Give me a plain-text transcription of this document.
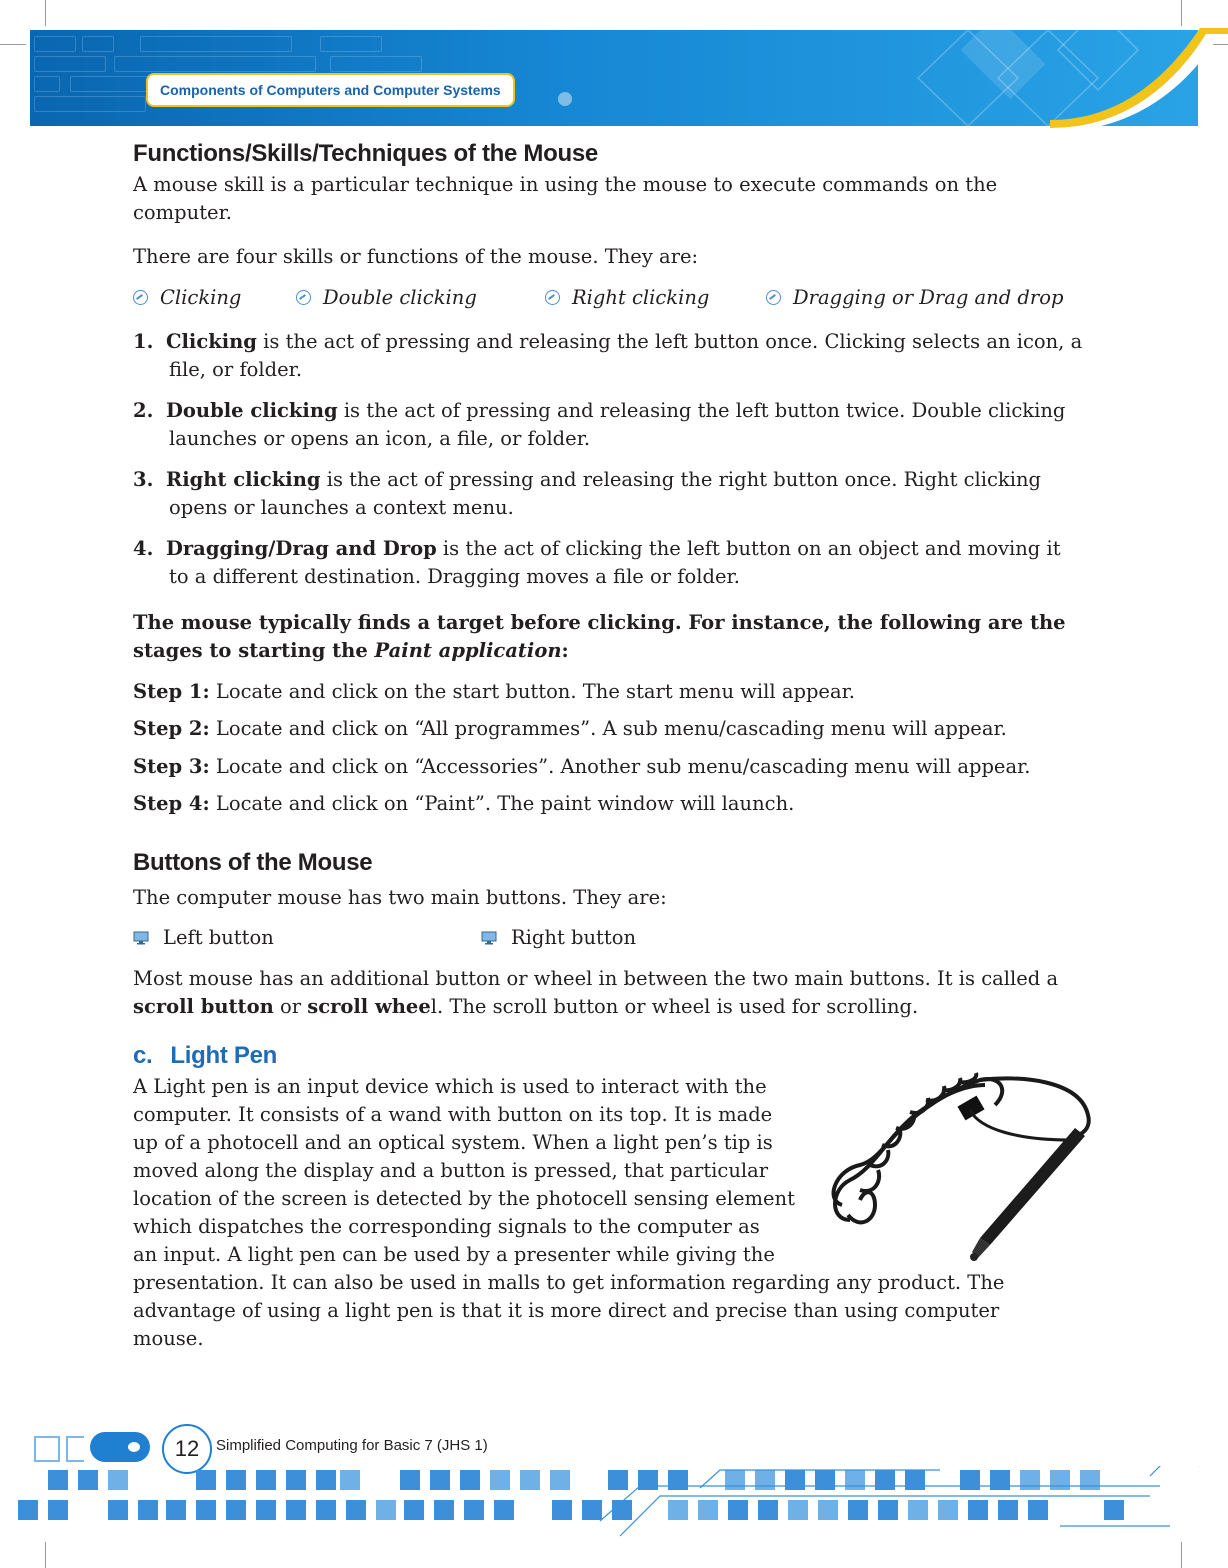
Components of Computers and Computer Systems
Functions/Skills/Techniques of the Mouse

A mouse skill is a particular technique in using the mouse to execute commands on the computer.

There are four skills or functions of the mouse. They are:

Clicking	Double clicking	Right clicking	Dragging or Drag and drop
1. Clicking is the act of pressing and releasing the left button once. Clicking selects an icon, a
file, or folder.
2. Double clicking is the act of pressing and releasing the left button twice. Double clicking
launches or opens an icon, a file, or folder.
3. Right clicking is the act of pressing and releasing the right button once. Right clicking
opens or launches a context menu.
4. Dragging/Drag and Drop is the act of clicking the left button on an object and moving it
to a different destination. Dragging moves a file or folder.

The mouse typically finds a target before clicking. For instance, the following are the
stages to starting the Paint application:

Step 1: Locate and click on the start button. The start menu will appear.

Step 2: Locate and click on “All programmes”. A sub menu/cascading menu will appear.

Step 3: Locate and click on “Accessories”. Another sub menu/cascading menu will appear.

Step 4: Locate and click on “Paint”. The paint window will launch.

Buttons of the Mouse

The computer mouse has two main buttons. They are:

Left button	Right button

Most mouse has an additional button or wheel in between the two main buttons. It is called a
scroll button or scroll wheel. The scroll button or wheel is used for scrolling.

c. Light Pen

A Light pen is an input device which is used to interact with the

computer. It consists of a wand with button on its top. It is made

up of a photocell and an optical system. When a light pen’s tip is

moved along the display and a button is pressed, that particular

location of the screen is detected by the photocell sensing element

which dispatches the corresponding signals to the computer as

an input. A light pen can be used by a presenter while giving the

presentation. It can also be used in malls to get information regarding any product. The

advantage of using a light pen is that it is more direct and precise than using computer

mouse.

12	Simplified Computing for Basic 7 (JHS 1)
